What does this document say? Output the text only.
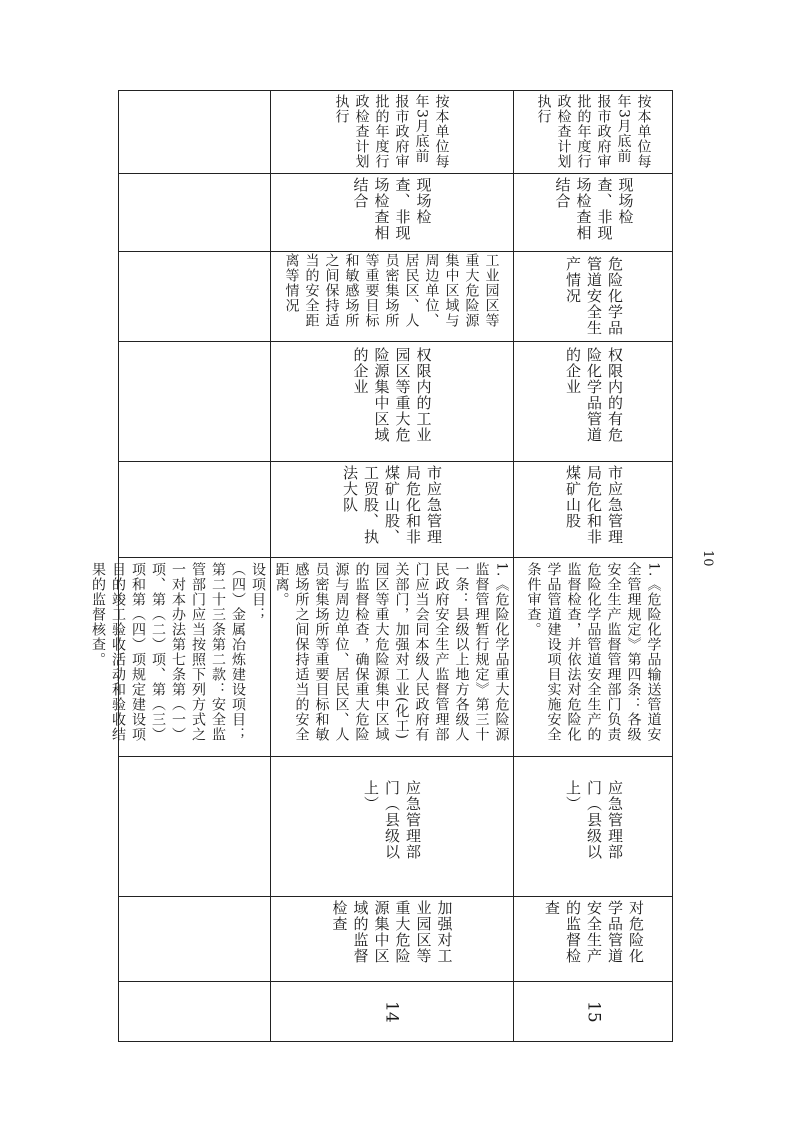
设项目；
（四）金属冶炼建设项目；
第二十三条第二款：安全监管部门应当按照下列方式之一对本办法第七条第（一）项、第（二）项、第（三）项和第（四）项规定建设项目的竣工验收活动和验收结果的监督核查。
14
加强对工业园区等重大危险源集中区域的监督检查
应急管理部门（县级以上）
1.《危险化学品重大危险源监督管理暂行规定》第三十一条：县级以上地方各级人民政府安全生产监督管理部门应当会同本级人民政府有关部门，加强对工业(化工)园区等重大危险源集中区域的监督检查，确保重大危险源与周边单位、居民区、人员密集场所等重要目标和敏感场所之间保持适当的安全距离。
市应急管理局危化和非煤矿山股、工贸股、执法大队
权限内的工业园区等重大危险源集中区域的企业
工业园区等重大危险源集中区域与周边单位、居民区、人员密集场所等重要目标和敏感场所之间保持适当的安全距离等情况
现场检查、非现场检查相结合
按本单位每年3月底前报市政府审批的年度行政检查计划执行
15
对危险化学品管道安全生产的监督检查
应急管理部门（县级以上）
1.《危险化学品输送管道安全管理规定》第四条：各级安全生产监督管理部门负责危险化学品管道安全生产的监督检查，并依法对危险化学品管道建设项目实施安全条件审查。
市应急管理局危化和非煤矿山股
权限内的有危险化学品管道的企业
危险化学品管道安全生产情况
现场检查、非现场检查相结合
按本单位每年3月底前报市政府审批的年度行政检查计划执行
10
